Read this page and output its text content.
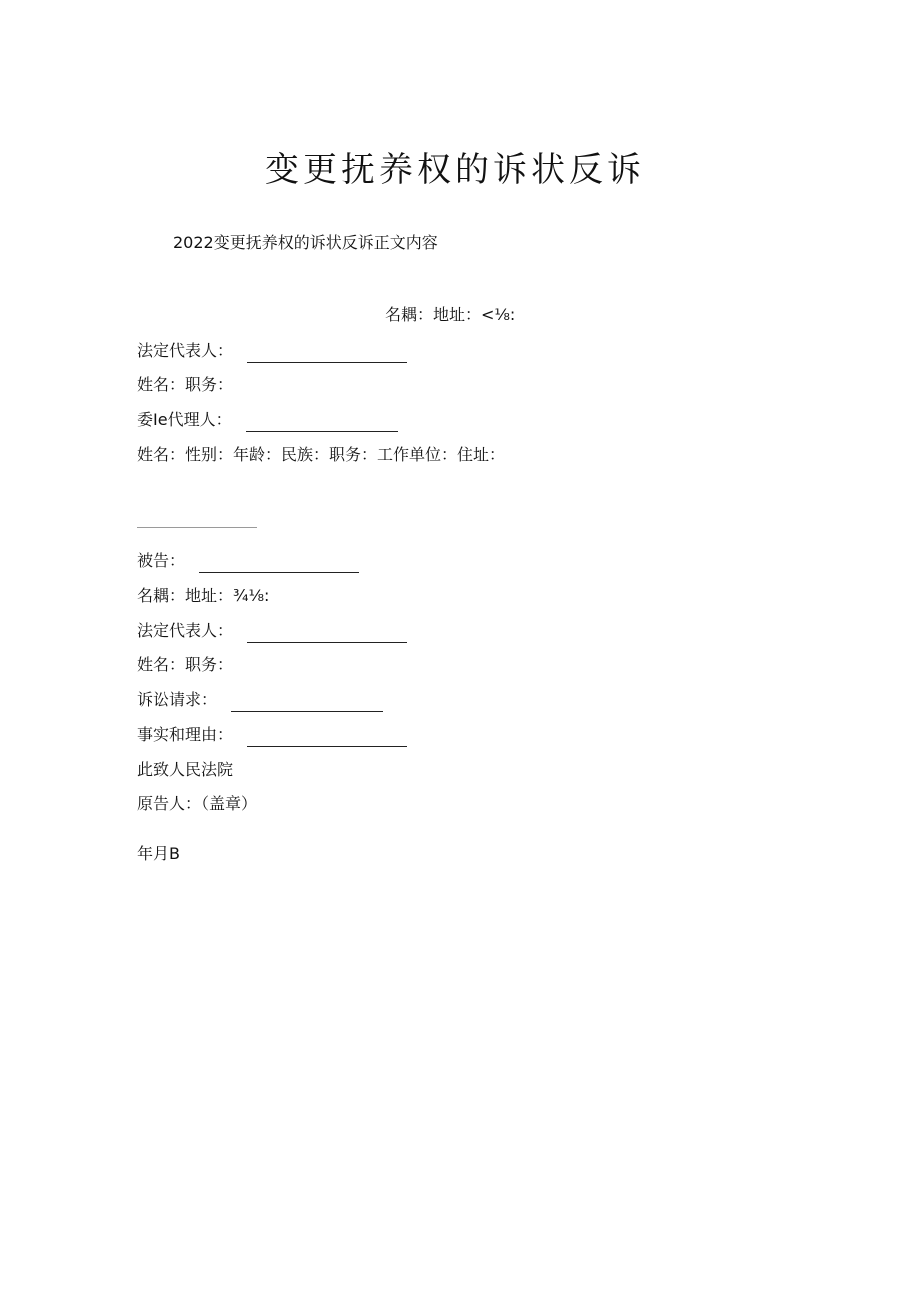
变更抚养权的诉状反诉
2022变更抚养权的诉状反诉正文内容
名耦：地址：<⅛:
法定代表人：
姓名：职务：
委Ie代理人：
姓名：性别：年龄：民族：职务：工作单位：住址：
被告：
名耦：地址：¾⅛:
法定代表人：
姓名：职务：
诉讼请求：
事实和理由：
此致人民法院
原告人：（盖章）
年月B
